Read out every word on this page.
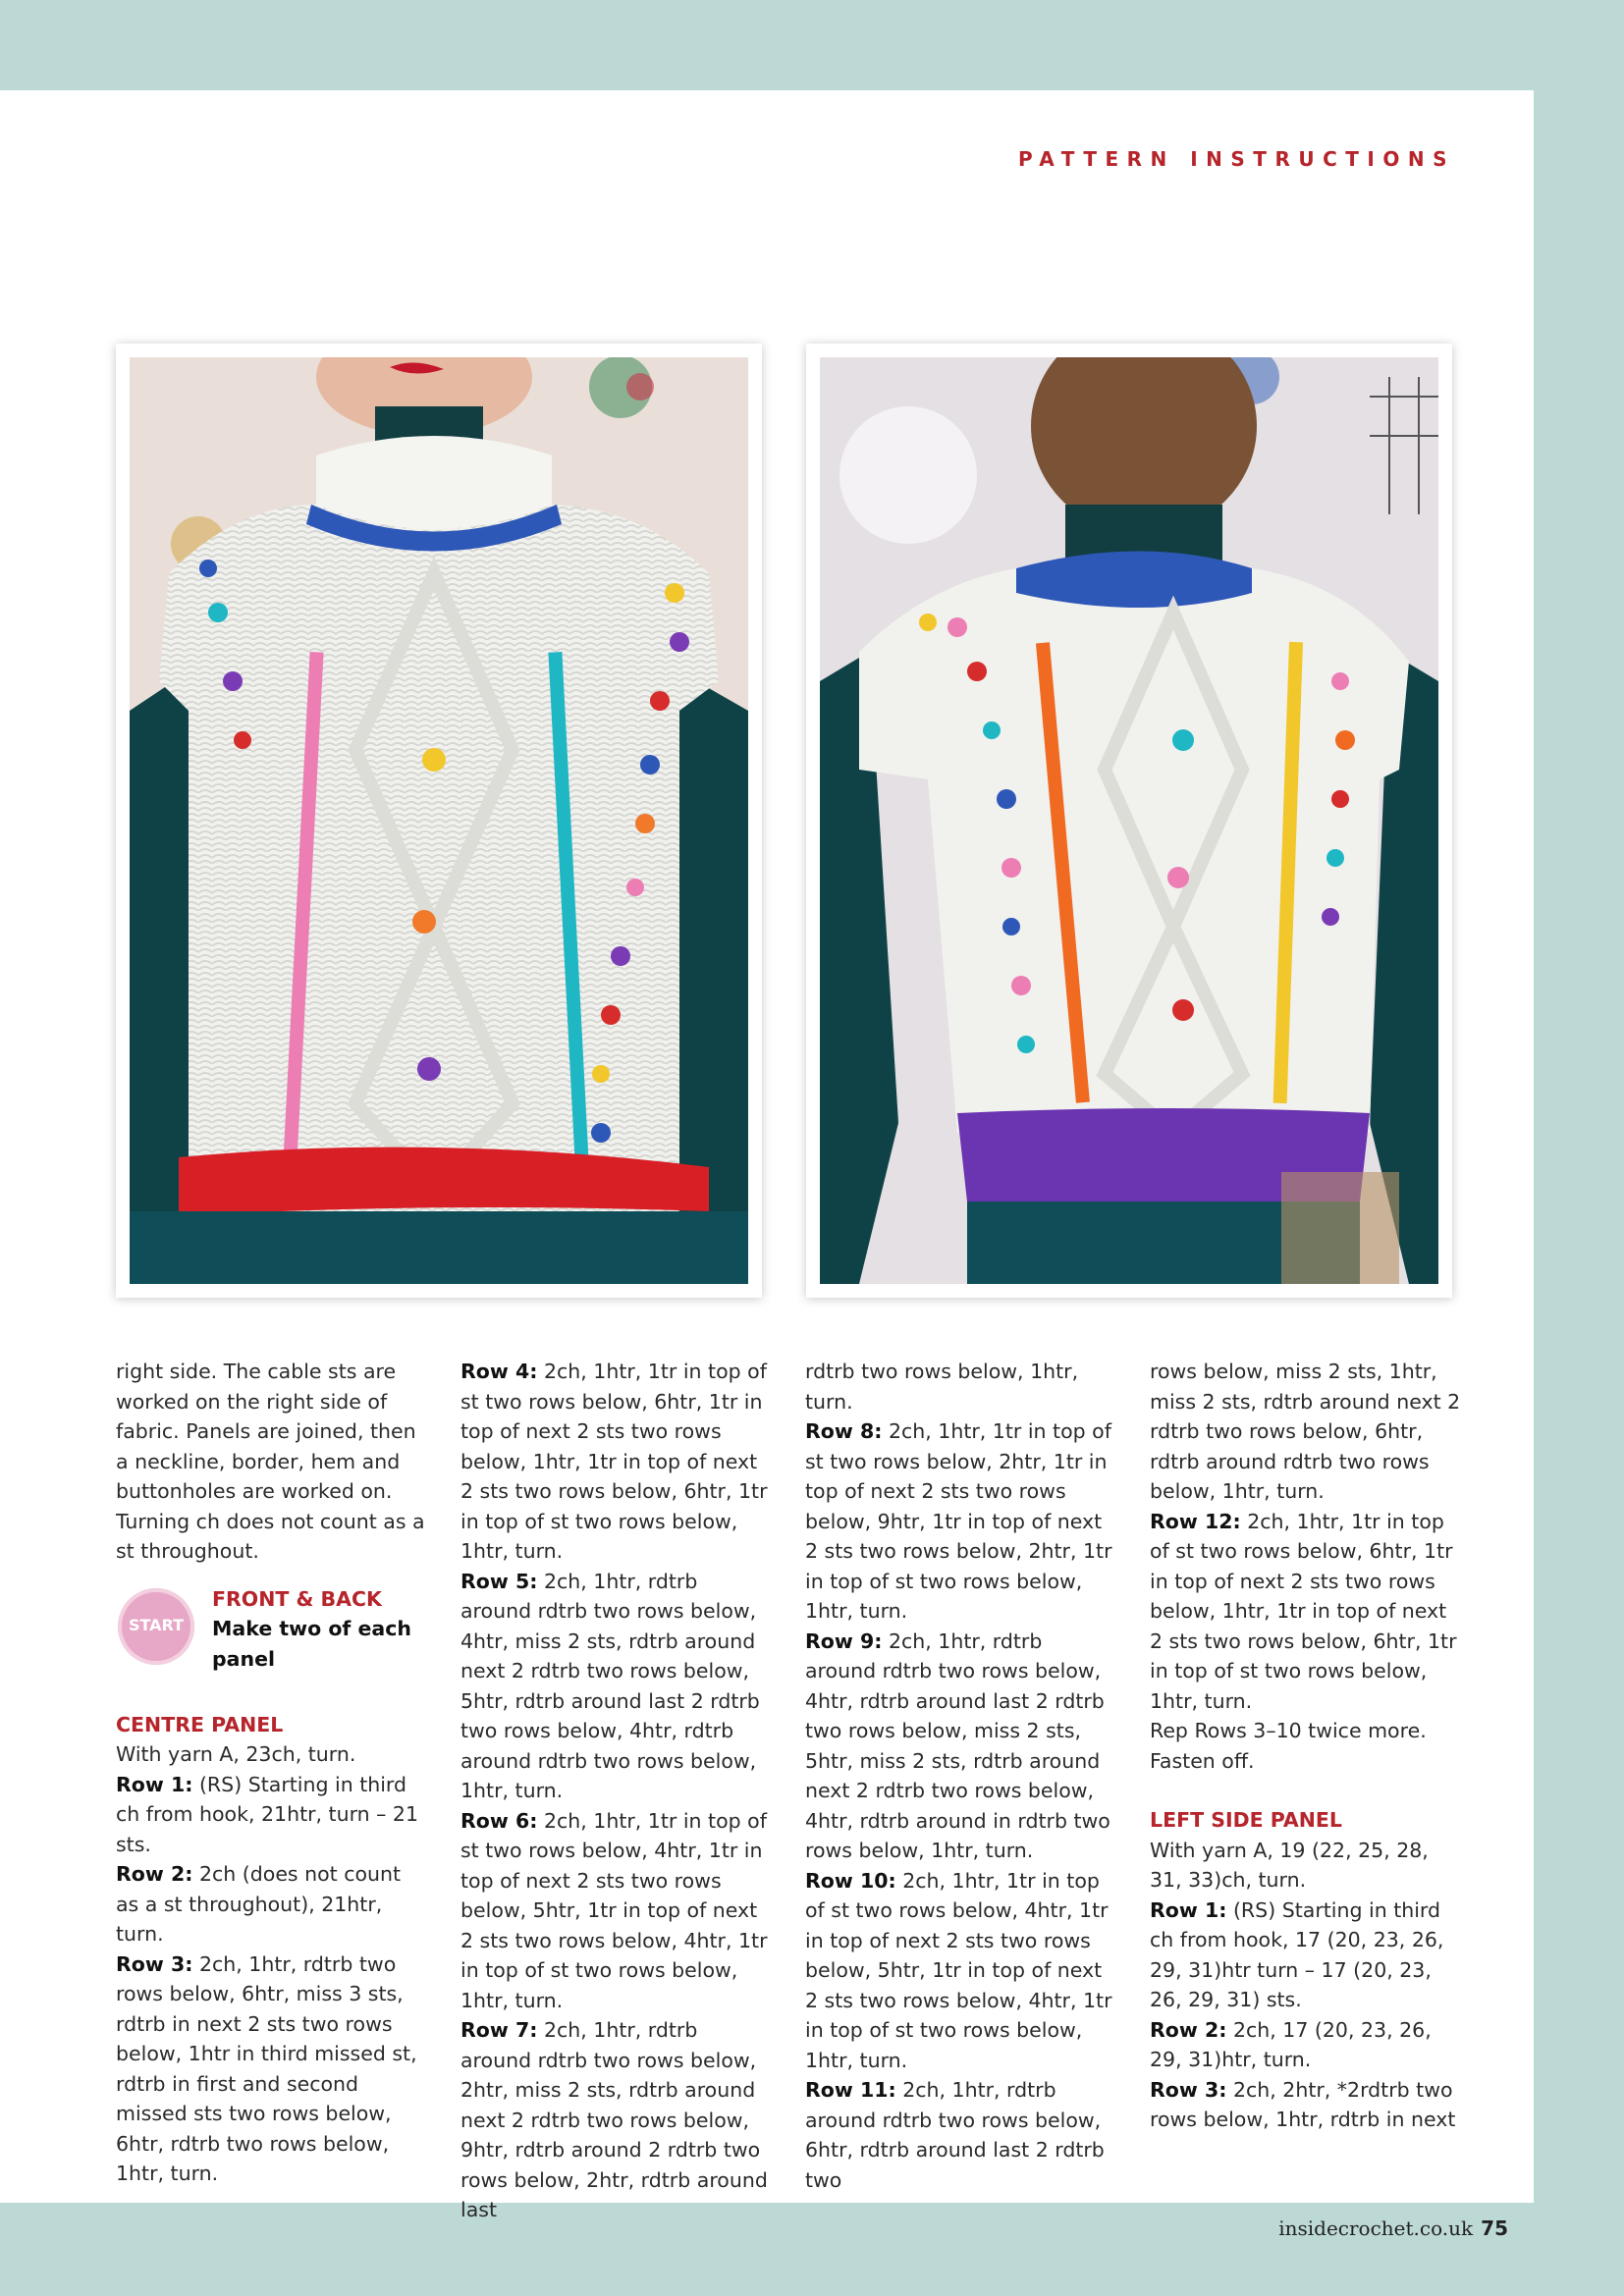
PATTERN INSTRUCTIONS

right side. The cable sts are worked on the right side of fabric. Panels are joined, then a neckline, border, hem and buttonholes are worked on. Turning ch does not count as a st throughout.

START
FRONT & BACK
Make two of each panel

CENTRE PANEL

With yarn A, 23ch, turn.

Row 1: (RS) Starting in third ch from hook, 21htr, turn – 21 sts.

Row 2: 2ch (does not count as a st throughout), 21htr, turn.

Row 3: 2ch, 1htr, rdtrb two rows below, 6htr, miss 3 sts, rdtrb in next 2 sts two rows below, 1htr in third missed st, rdtrb in first and second missed sts two rows below, 6htr, rdtrb two rows below, 1htr, turn.

Row 4: 2ch, 1htr, 1tr in top of st two rows below, 6htr, 1tr in top of next 2 sts two rows below, 1htr, 1tr in top of next 2 sts two rows below, 6htr, 1tr in top of st two rows below, 1htr, turn.

Row 5: 2ch, 1htr, rdtrb around rdtrb two rows below, 4htr, miss 2 sts, rdtrb around next 2 rdtrb two rows below, 5htr, rdtrb around last 2 rdtrb two rows below, 4htr, rdtrb around rdtrb two rows below, 1htr, turn.

Row 6: 2ch, 1htr, 1tr in top of st two rows below, 4htr, 1tr in top of next 2 sts two rows below, 5htr, 1tr in top of next 2 sts two rows below, 4htr, 1tr in top of st two rows below, 1htr, turn.

Row 7: 2ch, 1htr, rdtrb around rdtrb two rows below, 2htr, miss 2 sts, rdtrb around next 2 rdtrb two rows below, 9htr, rdtrb around 2 rdtrb two rows below, 2htr, rdtrb around last

rdtrb two rows below, 1htr, turn.

Row 8: 2ch, 1htr, 1tr in top of st two rows below, 2htr, 1tr in top of next 2 sts two rows below, 9htr, 1tr in top of next 2 sts two rows below, 2htr, 1tr in top of st two rows below, 1htr, turn.

Row 9: 2ch, 1htr, rdtrb around rdtrb two rows below, 4htr, rdtrb around last 2 rdtrb two rows below, miss 2 sts, 5htr, miss 2 sts, rdtrb around next 2 rdtrb two rows below, 4htr, rdtrb around in rdtrb two rows below, 1htr, turn.

Row 10: 2ch, 1htr, 1tr in top of st two rows below, 4htr, 1tr in top of next 2 sts two rows below, 5htr, 1tr in top of next 2 sts two rows below, 4htr, 1tr in top of st two rows below, 1htr, turn.

Row 11: 2ch, 1htr, rdtrb around rdtrb two rows below, 6htr, rdtrb around last 2 rdtrb two

rows below, miss 2 sts, 1htr, miss 2 sts, rdtrb around next 2 rdtrb two rows below, 6htr, rdtrb around rdtrb two rows below, 1htr, turn.

Row 12: 2ch, 1htr, 1tr in top of st two rows below, 6htr, 1tr in top of next 2 sts two rows below, 1htr, 1tr in top of next 2 sts two rows below, 6htr, 1tr in top of st two rows below, 1htr, turn.

Rep Rows 3–10 twice more.

Fasten off.

LEFT SIDE PANEL

With yarn A, 19 (22, 25, 28, 31, 33)ch, turn.

Row 1: (RS) Starting in third ch from hook, 17 (20, 23, 26, 29, 31)htr turn – 17 (20, 23, 26, 29, 31) sts.

Row 2: 2ch, 17 (20, 23, 26, 29, 31)htr, turn.

Row 3: 2ch, 2htr, *2rdtrb two rows below, 1htr, rdtrb in next

insidecrochet.co.uk 75
